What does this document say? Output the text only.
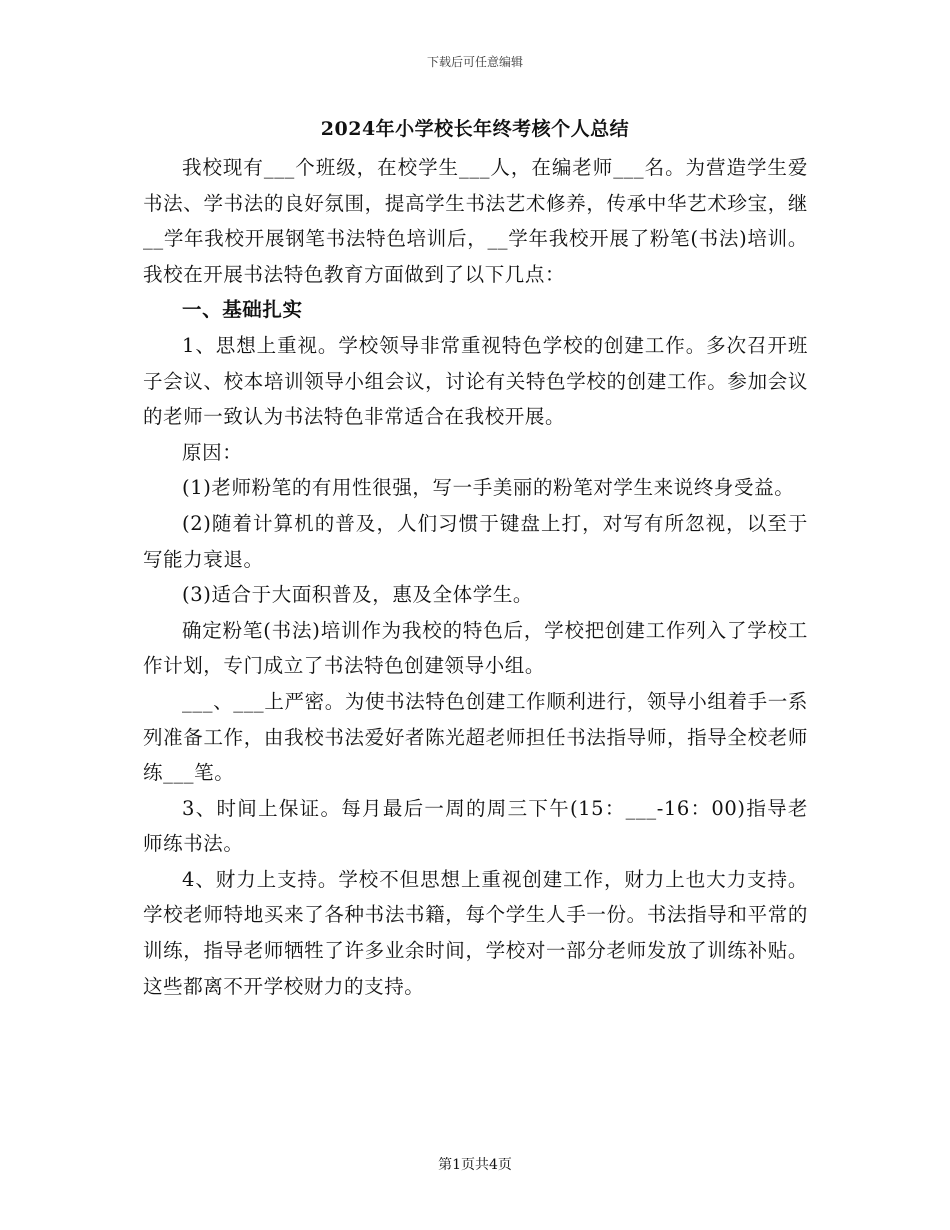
下载后可任意编辑
2024年小学校长年终考核个人总结

我校现有___个班级，在校学生___人，在编老师___名。为营造学生爱书法、学书法的良好氛围，提高学生书法艺术修养，传承中华艺术珍宝，继__学年我校开展钢笔书法特色培训后，__学年我校开展了粉笔(书法)培训。我校在开展书法特色教育方面做到了以下几点：

一、基础扎实

1、思想上重视。学校领导非常重视特色学校的创建工作。多次召开班子会议、校本培训领导小组会议，讨论有关特色学校的创建工作。参加会议的老师一致认为书法特色非常适合在我校开展。

原因：

(1)老师粉笔的有用性很强，写一手美丽的粉笔对学生来说终身受益。

(2)随着计算机的普及，人们习惯于键盘上打，对写有所忽视，以至于写能力衰退。

(3)适合于大面积普及，惠及全体学生。

确定粉笔(书法)培训作为我校的特色后，学校把创建工作列入了学校工作计划，专门成立了书法特色创建领导小组。

___、___上严密。为使书法特色创建工作顺利进行，领导小组着手一系列准备工作，由我校书法爱好者陈光超老师担任书法指导师，指导全校老师练___笔。

3、时间上保证。每月最后一周的周三下午(15：___-16：00)指导老师练书法。

4、财力上支持。学校不但思想上重视创建工作，财力上也大力支持。学校老师特地买来了各种书法书籍，每个学生人手一份。书法指导和平常的训练，指导老师牺牲了许多业余时间，学校对一部分老师发放了训练补贴。这些都离不开学校财力的支持。

第1页共4页
